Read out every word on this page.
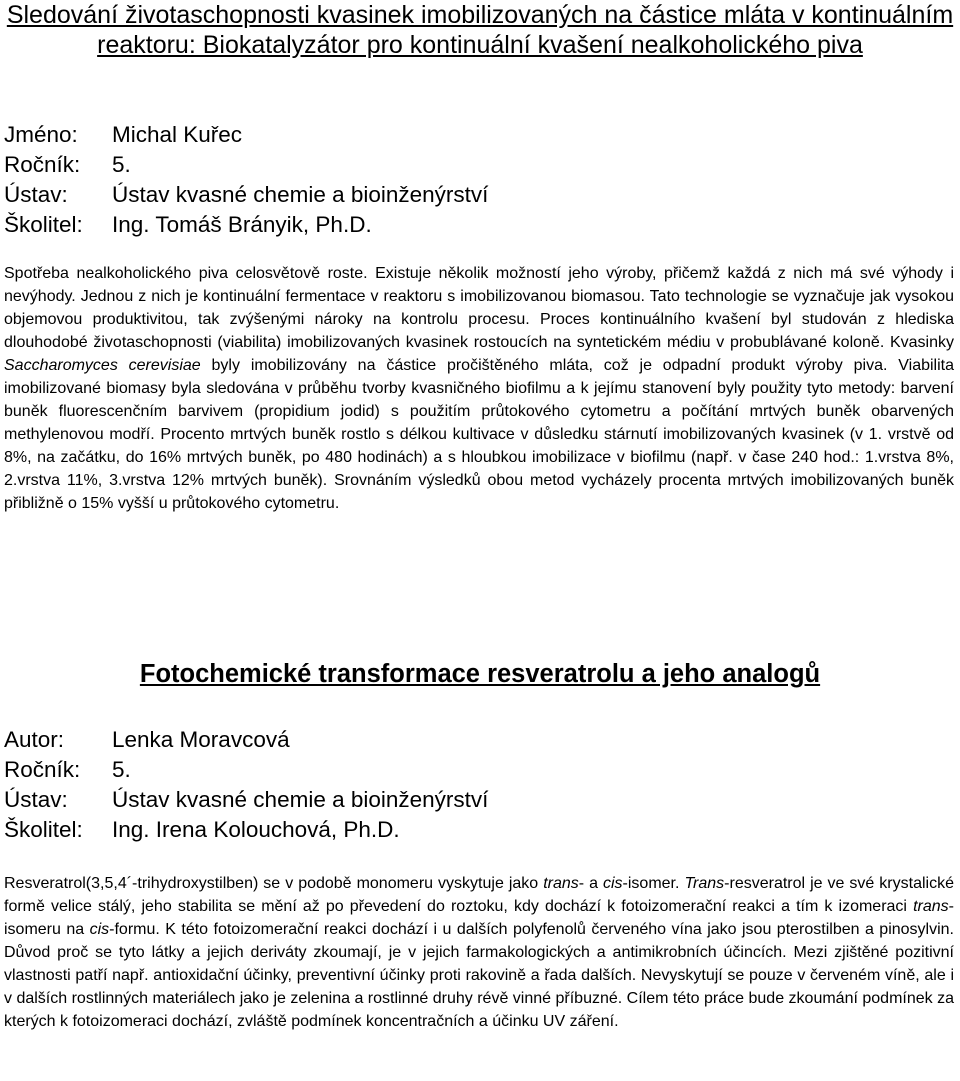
Sledování životaschopnosti kvasinek imobilizovaných na částice mláta v kontinuálním reaktoru: Biokatalyzátor pro kontinuální kvašení nealkoholického piva
Jméno:	Michal Kuřec
Ročník:	5.
Ústav:	Ústav kvasné chemie a bioinženýrství
Školitel:	Ing. Tomáš Brányik, Ph.D.

Spotřeba nealkoholického piva celosvětově roste. Existuje několik možností jeho výroby, přičemž každá z nich má své výhody i nevýhody. Jednou z nich je kontinuální fermentace v reaktoru s imobilizovanou biomasou. Tato technologie se vyznačuje jak vysokou objemovou produktivitou, tak zvýšenými nároky na kontrolu procesu. Proces kontinuálního kvašení byl studován z hlediska dlouhodobé životaschopnosti (viabilita) imobilizovaných kvasinek rostoucích na syntetickém médiu v probublávané koloně. Kvasinky Saccharomyces cerevisiae byly imobilizovány na částice pročištěného mláta, což je odpadní produkt výroby piva. Viabilita imobilizované biomasy byla sledována v průběhu tvorby kvasničného biofilmu a k jejímu stanovení byly použity tyto metody: barvení buněk fluorescenčním barvivem (propidium jodid) s použitím průtokového cytometru a počítání mrtvých buněk obarvených methylenovou modří. Procento mrtvých buněk rostlo s délkou kultivace v důsledku stárnutí imobilizovaných kvasinek (v 1. vrstvě od 8%, na začátku, do 16% mrtvých buněk, po 480 hodinách) a s hloubkou imobilizace v biofilmu (např. v čase 240 hod.: 1.vrstva 8%, 2.vrstva 11%, 3.vrstva 12% mrtvých buněk). Srovnáním výsledků obou metod vycházely procenta mrtvých imobilizovaných buněk přibližně o 15% vyšší u průtokového cytometru.

Fotochemické transformace resveratrolu a jeho analogů
Autor:	Lenka Moravcová
Ročník:	5.
Ústav:	Ústav kvasné chemie a bioinženýrství
Školitel:	Ing. Irena Kolouchová, Ph.D.

Resveratrol(3,5,4´-trihydroxystilben) se v podobě monomeru vyskytuje jako trans- a cis-isomer. Trans-resveratrol je ve své krystalické formě velice stálý, jeho stabilita se mění až po převedení do roztoku, kdy dochází k fotoizomerační reakci a tím k izomeraci trans-isomeru na cis-formu. K této fotoizomerační reakci dochází i u dalších polyfenolů červeného vína jako jsou pterostilben a pinosylvin. Důvod proč se tyto látky a jejich deriváty zkoumají, je v jejich farmakologických a antimikrobních účincích. Mezi zjištěné pozitivní vlastnosti patří např. antioxidační účinky, preventivní účinky proti rakovině a řada dalších. Nevyskytují se pouze v červeném víně, ale i v dalších rostlinných materiálech jako je zelenina a rostlinné druhy révě vinné příbuzné. Cílem této práce bude zkoumání podmínek za kterých k fotoizomeraci dochází, zvláště podmínek koncentračních a účinku UV záření.
